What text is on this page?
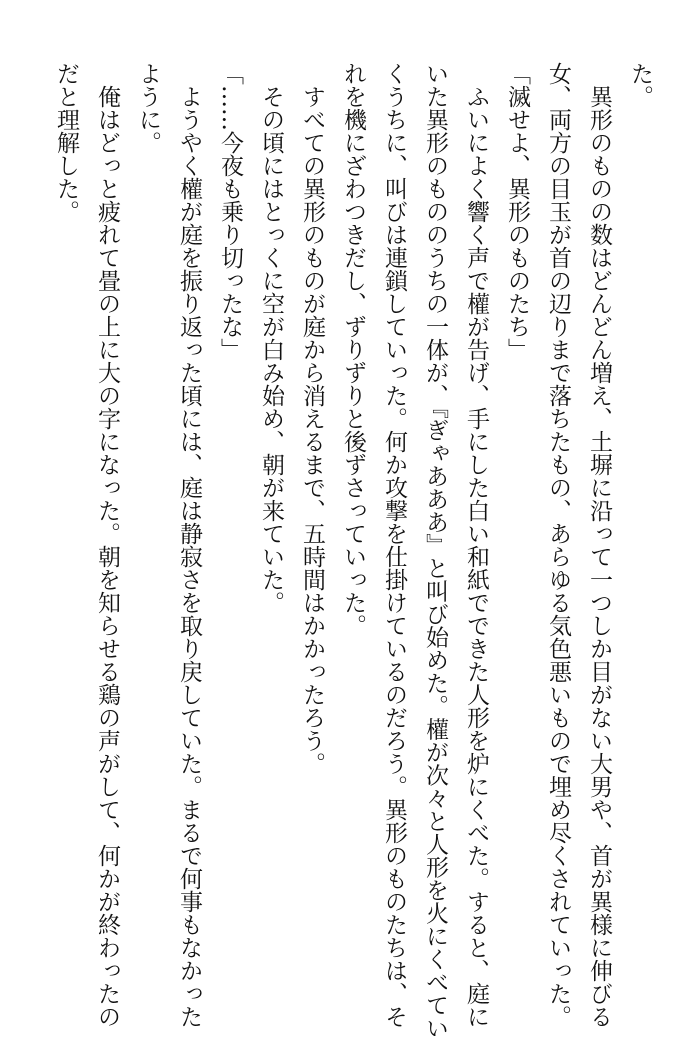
た。
　異形のものの数はどんどん増え、土塀に沿って一つしか目がない大男や、首が異様に伸びる
女、両方の目玉が首の辺りまで落ちたもの、あらゆる気色悪いもので埋め尽くされていった。
「滅せよ、異形のものたち」
　ふいによく響く声で權が告げ、手にした白い和紙でできた人形を炉にくべた。すると、庭に
いた異形のもののうちの一体が、『ぎゃあああ』と叫び始めた。權が次々と人形を火にくべてい
くうちに、叫びは連鎖していった。何か攻撃を仕掛けているのだろう。異形のものたちは、そ
れを機にざわつきだし、ずりずりと後ずさっていった。
　すべての異形のものが庭から消えるまで、五時間はかかったろう。
　その頃にはとっくに空が白み始め、朝が来ていた。
「……今夜も乗り切ったな」
　ようやく權が庭を振り返った頃には、庭は静寂さを取り戻していた。まるで何事もなかった
ように。
　俺はどっと疲れて畳の上に大の字になった。朝を知らせる鶏の声がして、何かが終わったの
だと理解した。
